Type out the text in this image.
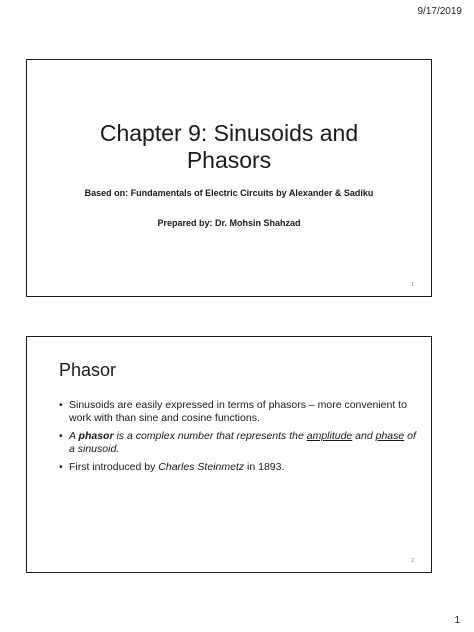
9/17/2019
Chapter 9: Sinusoids and
Phasors
Based on: Fundamentals of Electric Circuits by Alexander & Sadiku
Prepared by: Dr. Mohsin Shahzad
1
Phasor
• Sinusoids are easily expressed in terms of phasors – more convenient to work with than sine and cosine functions.
• A phasor is a complex number that represents the amplitude and phase of a sinusoid.
• First introduced by Charles Steinmetz in 1893.
2
1
